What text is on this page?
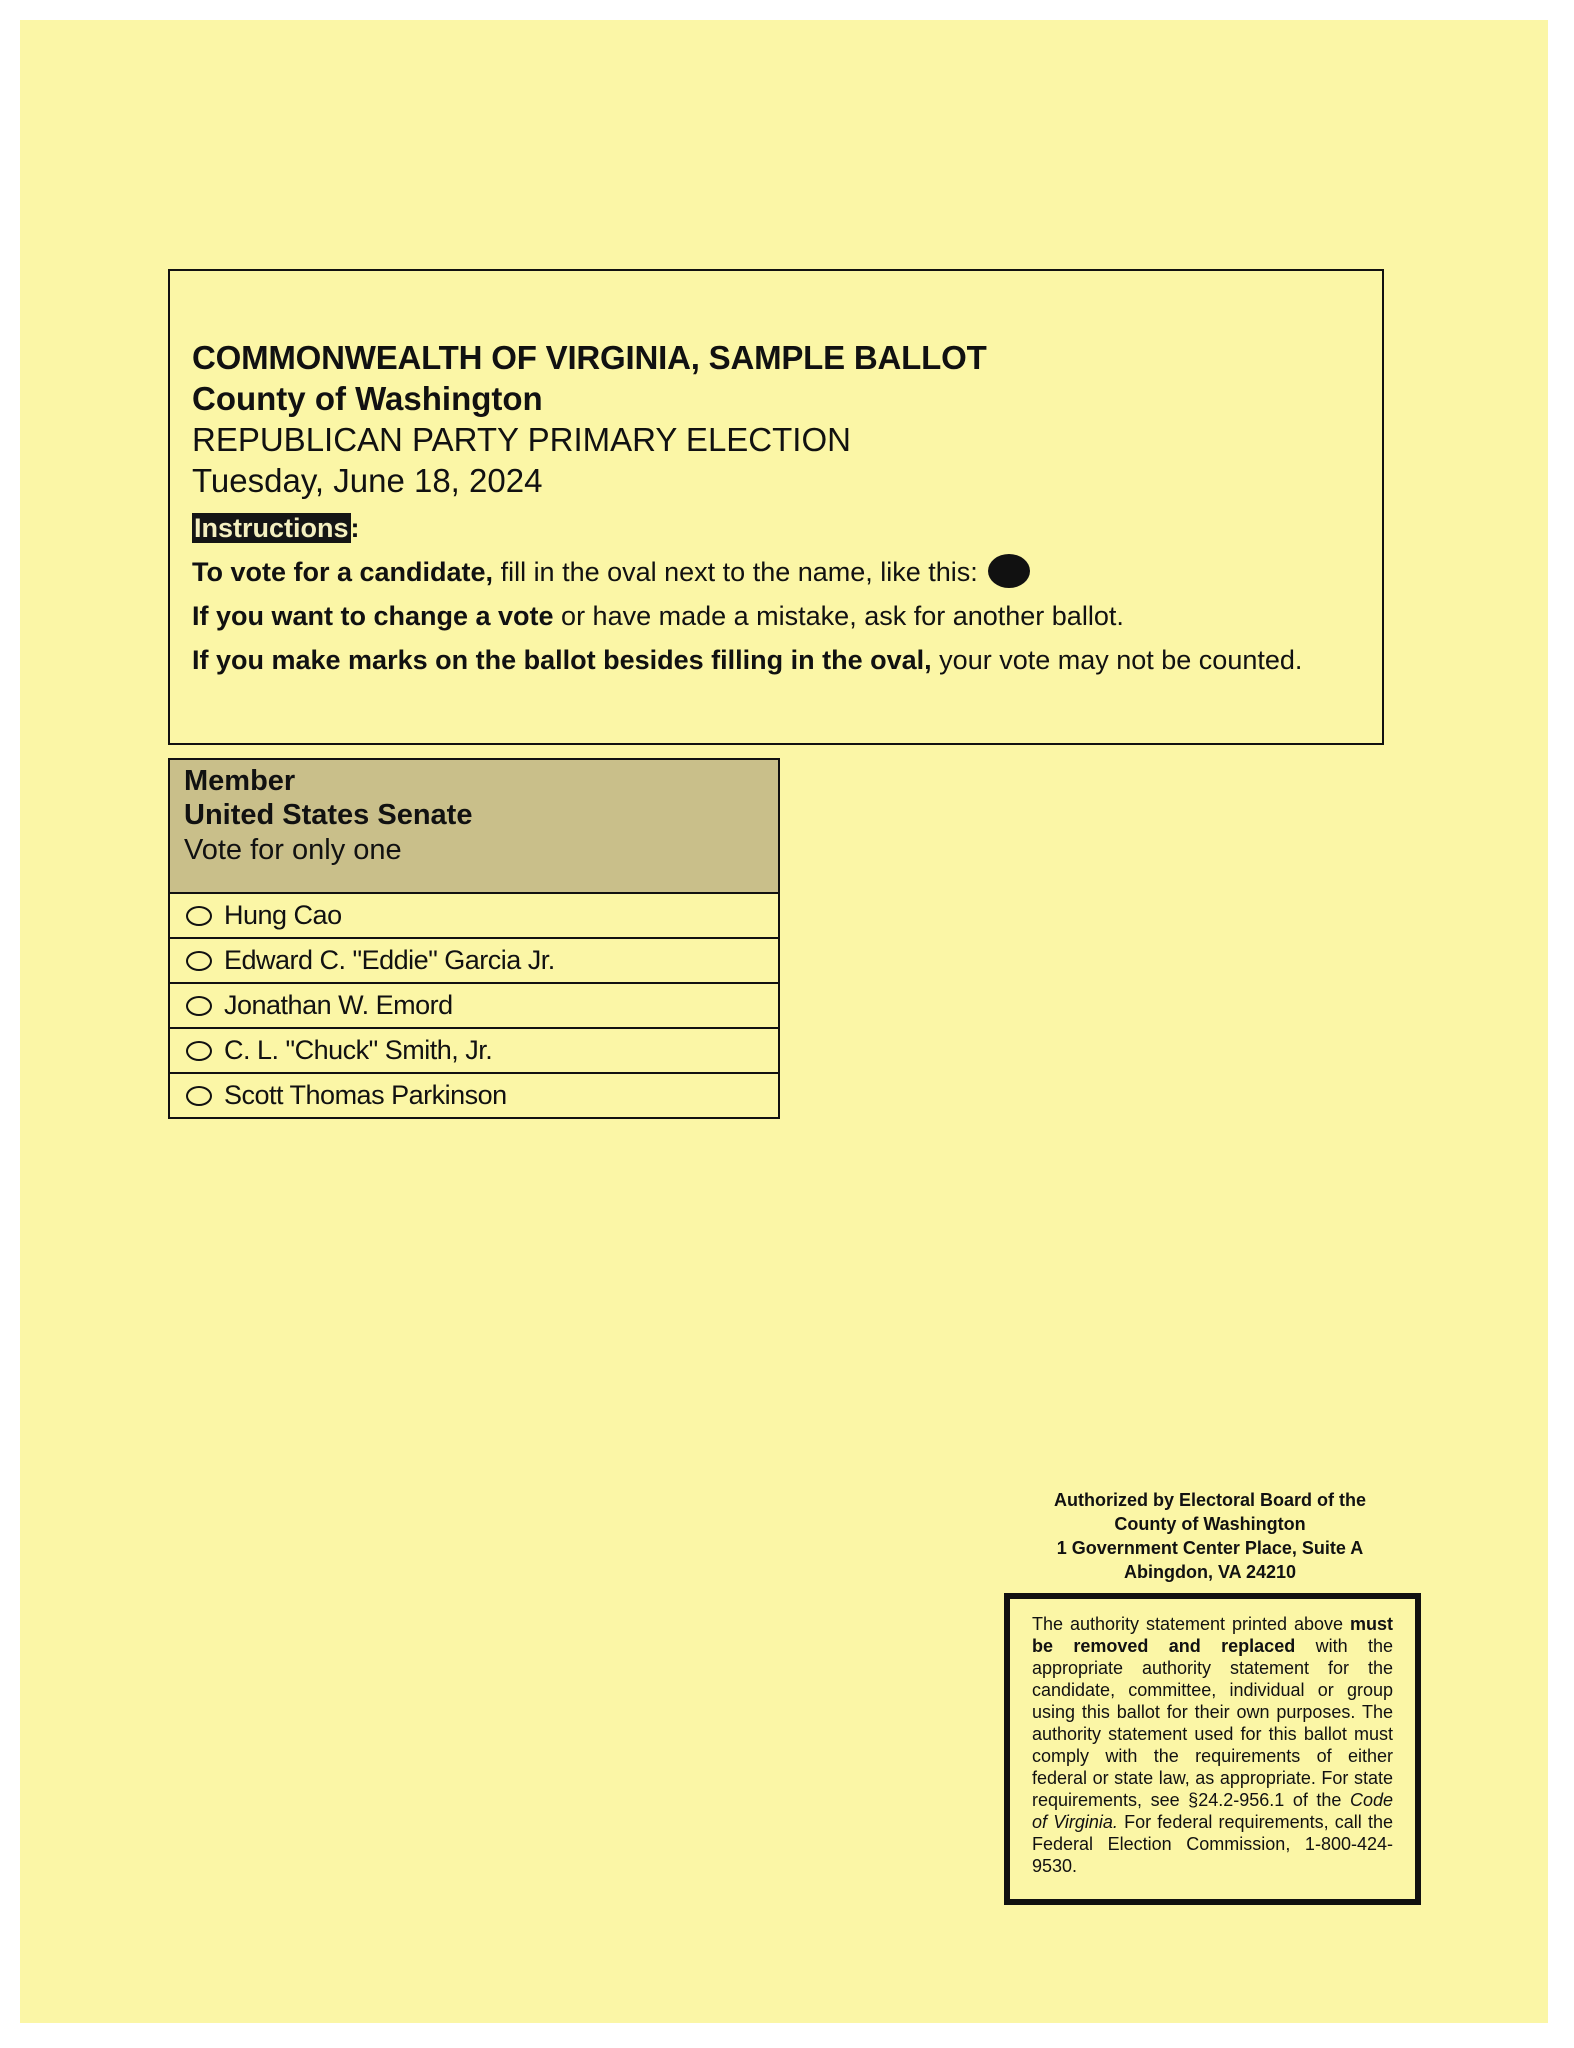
COMMONWEALTH OF VIRGINIA, SAMPLE BALLOT
County of Washington
REPUBLICAN PARTY PRIMARY ELECTION
Tuesday, June 18, 2024
Instructions:
To vote for a candidate, fill in the oval next to the name, like this:
If you want to change a vote or have made a mistake, ask for another ballot.
If you make marks on the ballot besides filling in the oval, your vote may not be counted.
Member
United States Senate
Vote for only one
Hung Cao
Edward C. "Eddie" Garcia Jr.
Jonathan W. Emord
C. L. "Chuck" Smith, Jr.
Scott Thomas Parkinson
Authorized by Electoral Board of the
County of Washington
1 Government Center Place, Suite A
Abingdon, VA 24210
The authority statement printed above must be removed and replaced with the appropriate authority statement for the candidate, committee, individual or group using this ballot for their own purposes. The authority statement used for this ballot must comply with the requirements of either federal or state law, as appropriate. For state requirements, see §24.2-956.1 of the Code of Virginia. For federal requirements, call the Federal Election Commission, 1-800-424-9530.
